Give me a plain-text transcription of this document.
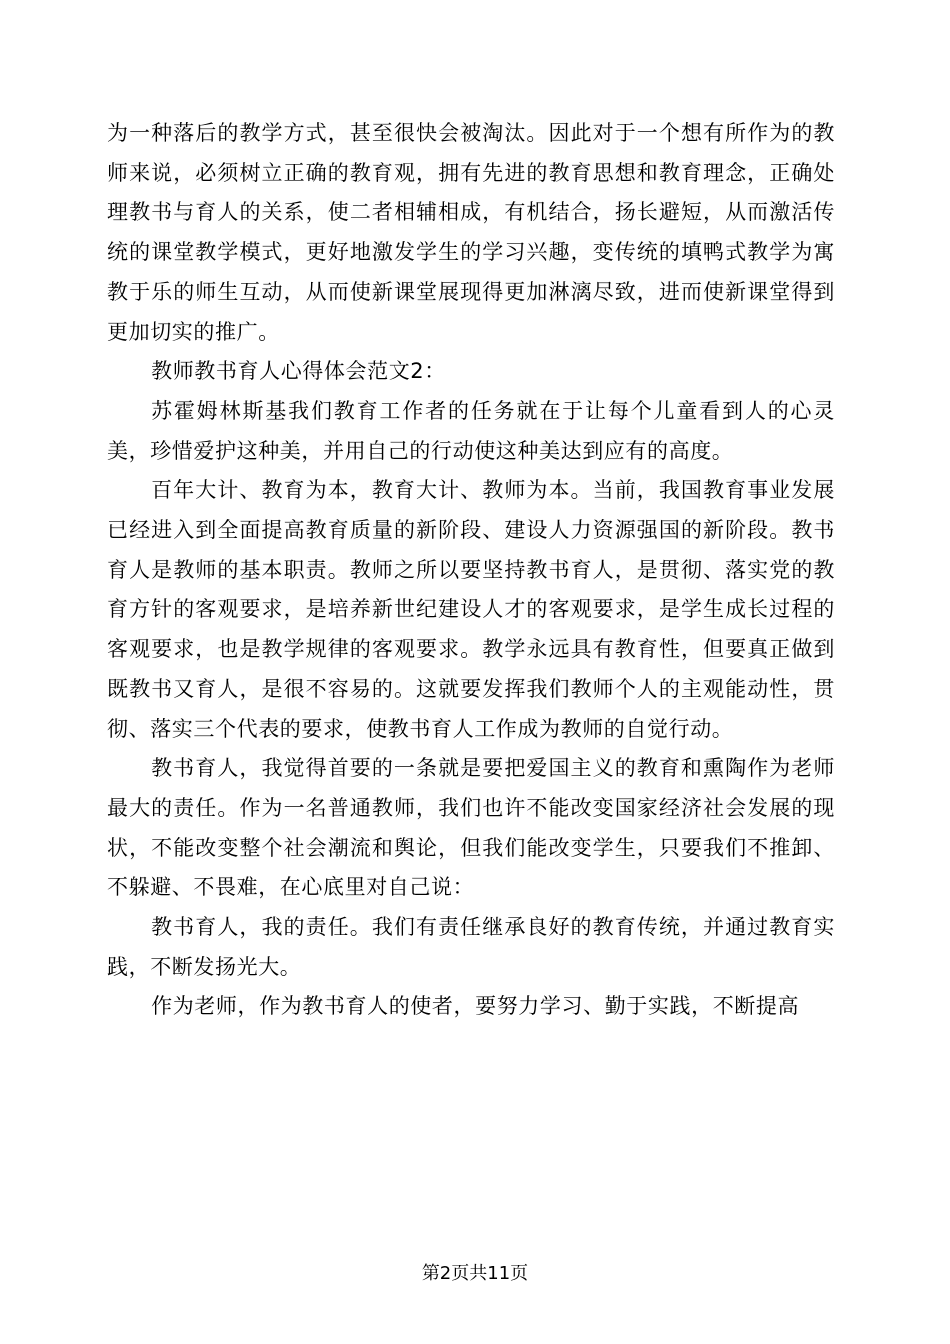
为一种落后的教学方式，甚至很快会被淘汰。因此对于一个想有所作为的教师来说，必须树立正确的教育观，拥有先进的教育思想和教育理念，正确处理教书与育人的关系，使二者相辅相成，有机结合，扬长避短，从而激活传统的课堂教学模式，更好地激发学生的学习兴趣，变传统的填鸭式教学为寓教于乐的师生互动，从而使新课堂展现得更加淋漓尽致，进而使新课堂得到更加切实的推广。

教师教书育人心得体会范文2：

苏霍姆林斯基我们教育工作者的任务就在于让每个儿童看到人的心灵美，珍惜爱护这种美，并用自己的行动使这种美达到应有的高度。

百年大计、教育为本，教育大计、教师为本。当前，我国教育事业发展已经进入到全面提高教育质量的新阶段、建设人力资源强国的新阶段。教书育人是教师的基本职责。教师之所以要坚持教书育人，是贯彻、落实党的教育方针的客观要求，是培养新世纪建设人才的客观要求，是学生成长过程的客观要求，也是教学规律的客观要求。教学永远具有教育性，但要真正做到既教书又育人，是很不容易的。这就要发挥我们教师个人的主观能动性，贯彻、落实三个代表的要求，使教书育人工作成为教师的自觉行动。

教书育人，我觉得首要的一条就是要把爱国主义的教育和熏陶作为老师最大的责任。作为一名普通教师，我们也许不能改变国家经济社会发展的现状，不能改变整个社会潮流和舆论，但我们能改变学生，只要我们不推卸、不躲避、不畏难，在心底里对自己说：

教书育人，我的责任。我们有责任继承良好的教育传统，并通过教育实践，不断发扬光大。

作为老师，作为教书育人的使者，要努力学习、勤于实践，不断提高

第2页共11页
